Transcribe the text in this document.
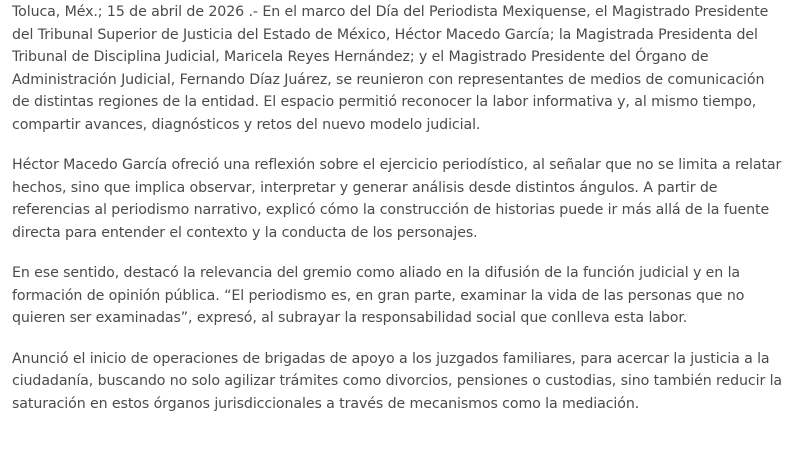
Toluca, Méx.; 15 de abril de 2026 .- En el marco del Día del Periodista Mexiquense, el Magistrado Presidente del Tribunal Superior de Justicia del Estado de México, Héctor Macedo García; la Magistrada Presidenta del Tribunal de Disciplina Judicial, Maricela Reyes Hernández; y el Magistrado Presidente del Órgano de Administración Judicial, Fernando Díaz Juárez, se reunieron con representantes de medios de comunicación de distintas regiones de la entidad. El espacio permitió reconocer la labor informativa y, al mismo tiempo, compartir avances, diagnósticos y retos del nuevo modelo judicial.

Héctor Macedo García ofreció una reflexión sobre el ejercicio periodístico, al señalar que no se limita a relatar hechos, sino que implica observar, interpretar y generar análisis desde distintos ángulos. A partir de referencias al periodismo narrativo, explicó cómo la construcción de historias puede ir más allá de la fuente directa para entender el contexto y la conducta de los personajes.

En ese sentido, destacó la relevancia del gremio como aliado en la difusión de la función judicial y en la formación de opinión pública. “El periodismo es, en gran parte, examinar la vida de las personas que no quieren ser examinadas”, expresó, al subrayar la responsabilidad social que conlleva esta labor.

Anunció el inicio de operaciones de brigadas de apoyo a los juzgados familiares, para acercar la justicia a la ciudadanía, buscando no solo agilizar trámites como divorcios, pensiones o custodias, sino también reducir la saturación en estos órganos jurisdiccionales a través de mecanismos como la mediación.
